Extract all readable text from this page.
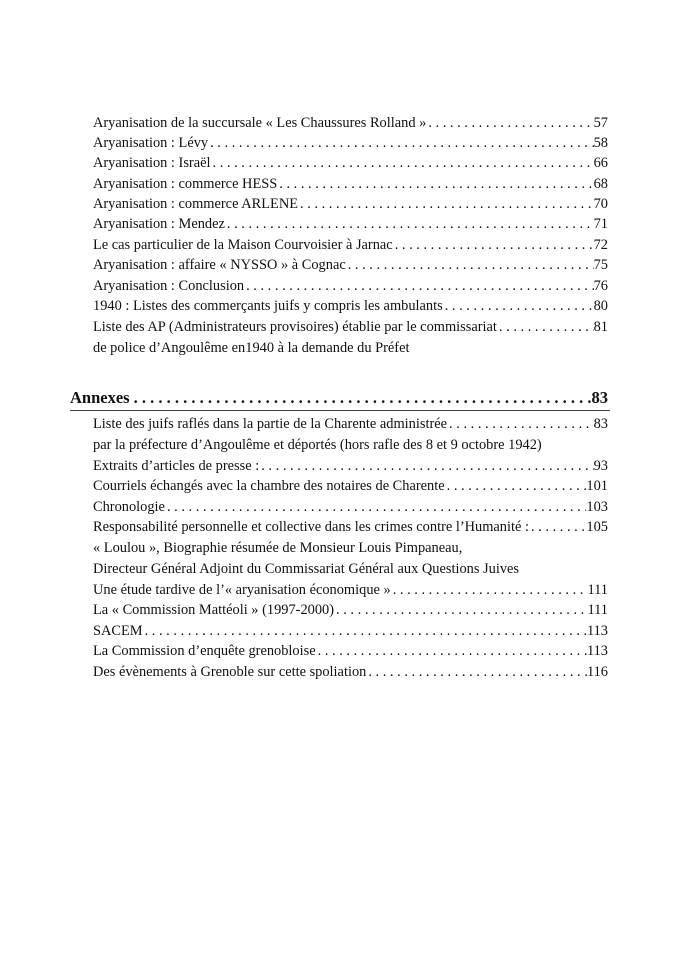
Aryanisation de la succursale « Les Chaussures Rolland » . . .	57
Aryanisation : Lévy . . .	58
Aryanisation : Israël . . .	66
Aryanisation : commerce HESS . . .	68
Aryanisation : commerce ARLENE . . .	70
Aryanisation : Mendez . . .	71
Le cas particulier de la Maison Courvoisier à Jarnac . . .	72
Aryanisation : affaire « NYSSO » à Cognac . . .	75
Aryanisation : Conclusion . . .	76
1940 : Listes des commerçants juifs y compris les ambulants . . .	80
Liste des AP (Administrateurs provisoires) établie par le commissariat . . .	81
de police d’Angoulême en1940 à la demande du Préfet
Annexes . . .	83
Liste des juifs raflés dans la partie de la Charente administrée . . .	83
par la préfecture d’Angoulême et déportés (hors rafle des 8 et 9 octobre 1942)
Extraits d’articles de presse : . . .	93
Courriels échangés avec la chambre des notaires de Charente . . .	101
Chronologie . . .	103
Responsabilité personnelle et collective dans les crimes contre l’Humanité : . . .	105
« Loulou », Biographie résumée de Monsieur Louis Pimpaneau,
Directeur Général Adjoint du Commissariat Général aux Questions Juives
Une étude tardive de l’« aryanisation économique » . . .	111
La « Commission Mattéoli » (1997-2000) . . .	111
SACEM . . .	113
La Commission d’enquête grenobloise . . .	113
Des évènements à Grenoble sur cette spoliation . . .	116
